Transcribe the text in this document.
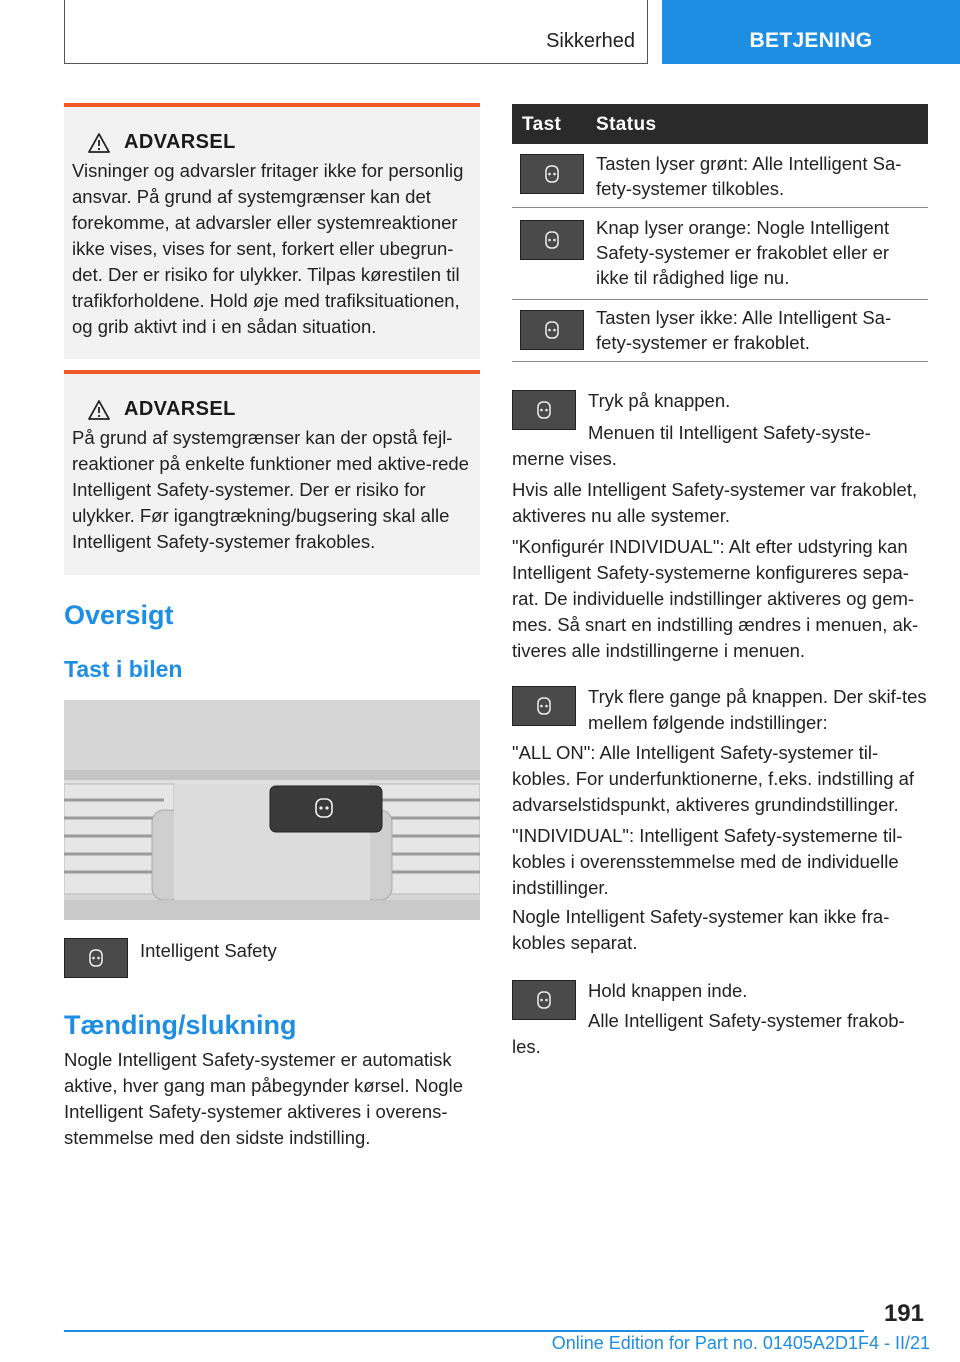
Sikkerhed	BETJENING
ADVARSEL
Visninger og advarsler fritager ikke for personlig ansvar. På grund af systemgrænser kan det forekomme, at advarsler eller systemreaktioner ikke vises, vises for sent, forkert eller ubegrun-det. Der er risiko for ulykker. Tilpas kørestilen til trafikforholdene. Hold øje med trafiksituationen, og grib aktivt ind i en sådan situation.
ADVARSEL
På grund af systemgrænser kan der opstå fejl-reaktioner på enkelte funktioner med aktive-rede Intelligent Safety-systemer. Der er risiko for ulykker. Før igangtrækning/bugsering skal alle Intelligent Safety-systemer frakobles.
Oversigt
Tast i bilen
Intelligent Safety
Tænding/slukning
Nogle Intelligent Safety-systemer er automatisk aktive, hver gang man påbegynder kørsel. Nogle Intelligent Safety-systemer aktiveres i overens-stemmelse med den sidste indstilling.
Tast Status
Tasten lyser grønt: Alle Intelligent Sa-fety-systemer tilkobles.
Knap lyser orange: Nogle Intelligent Safety-systemer er frakoblet eller er ikke til rådighed lige nu.
Tasten lyser ikke: Alle Intelligent Sa-fety-systemer er frakoblet.
Tryk på knappen.
Menuen til Intelligent Safety-syste-
merne vises.
Hvis alle Intelligent Safety-systemer var frakoblet, aktiveres nu alle systemer.
"Konfigurér INDIVIDUAL": Alt efter udstyring kan Intelligent Safety-systemerne konfigureres sepa-rat. De individuelle indstillinger aktiveres og gem-mes. Så snart en indstilling ændres i menuen, ak-tiveres alle indstillingerne i menuen.
Tryk flere gange på knappen. Der skif-tes mellem følgende indstillinger:
"ALL ON": Alle Intelligent Safety-systemer til-kobles. For underfunktionerne, f.eks. indstilling af advarselstidspunkt, aktiveres grundindstillinger.
"INDIVIDUAL": Intelligent Safety-systemerne til-kobles i overensstemmelse med de individuelle indstillinger.
Nogle Intelligent Safety-systemer kan ikke fra-kobles separat.
Hold knappen inde.
Alle Intelligent Safety-systemer frakob-
les.
191
Online Edition for Part no. 01405A2D1F4 - II/21
